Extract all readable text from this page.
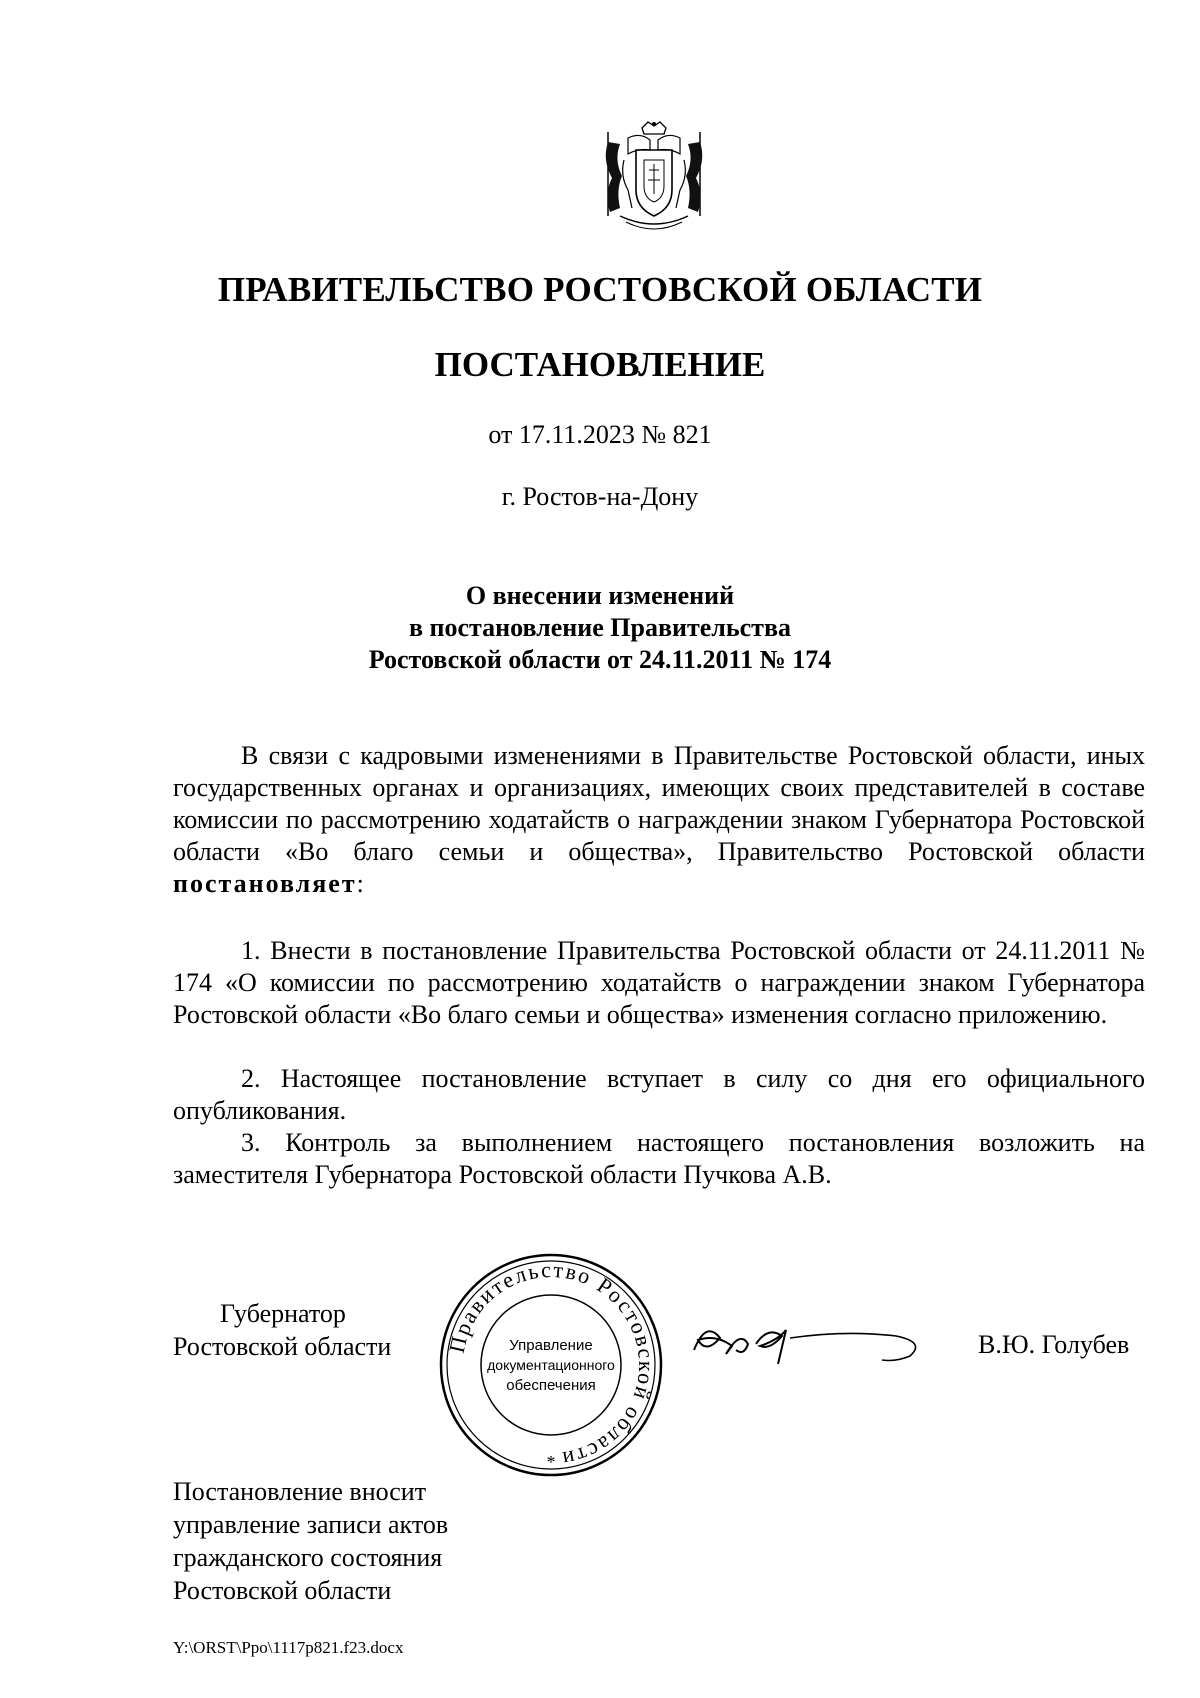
ПРАВИТЕЛЬСТВО РОСТОВСКОЙ ОБЛАСТИ
ПОСТАНОВЛЕНИЕ
от 17.11.2023 № 821
г. Ростов-на-Дону
О внесении изменений
в постановление Правительства
Ростовской области от 24.11.2011 № 174
В связи с кадровыми изменениями в Правительстве Ростовской области, иных государственных органах и организациях, имеющих своих представителей в составе комиссии по рассмотрению ходатайств о награждении знаком Губернатора Ростовской области «Во благо семьи и общества», Правительство Ростовской области постановляет:
1. Внести в постановление Правительства Ростовской области от 24.11.2011 № 174 «О комиссии по рассмотрению ходатайств о награждении знаком Губернатора Ростовской области «Во благо семьи и общества» изменения согласно приложению.
2. Настоящее постановление вступает в силу со дня его официального опубликования.
3. Контроль за выполнением настоящего постановления возложить на заместителя Губернатора Ростовской области Пучкова А.В.
Губернатор
Ростовской области Правительство Ростовской области
Управление
документационного
обеспечения
*
В.Ю. Голубев
Постановление вносит
управление записи актов
гражданского состояния
Ростовской области
Y:\ORST\Ppo\1117p821.f23.docx
